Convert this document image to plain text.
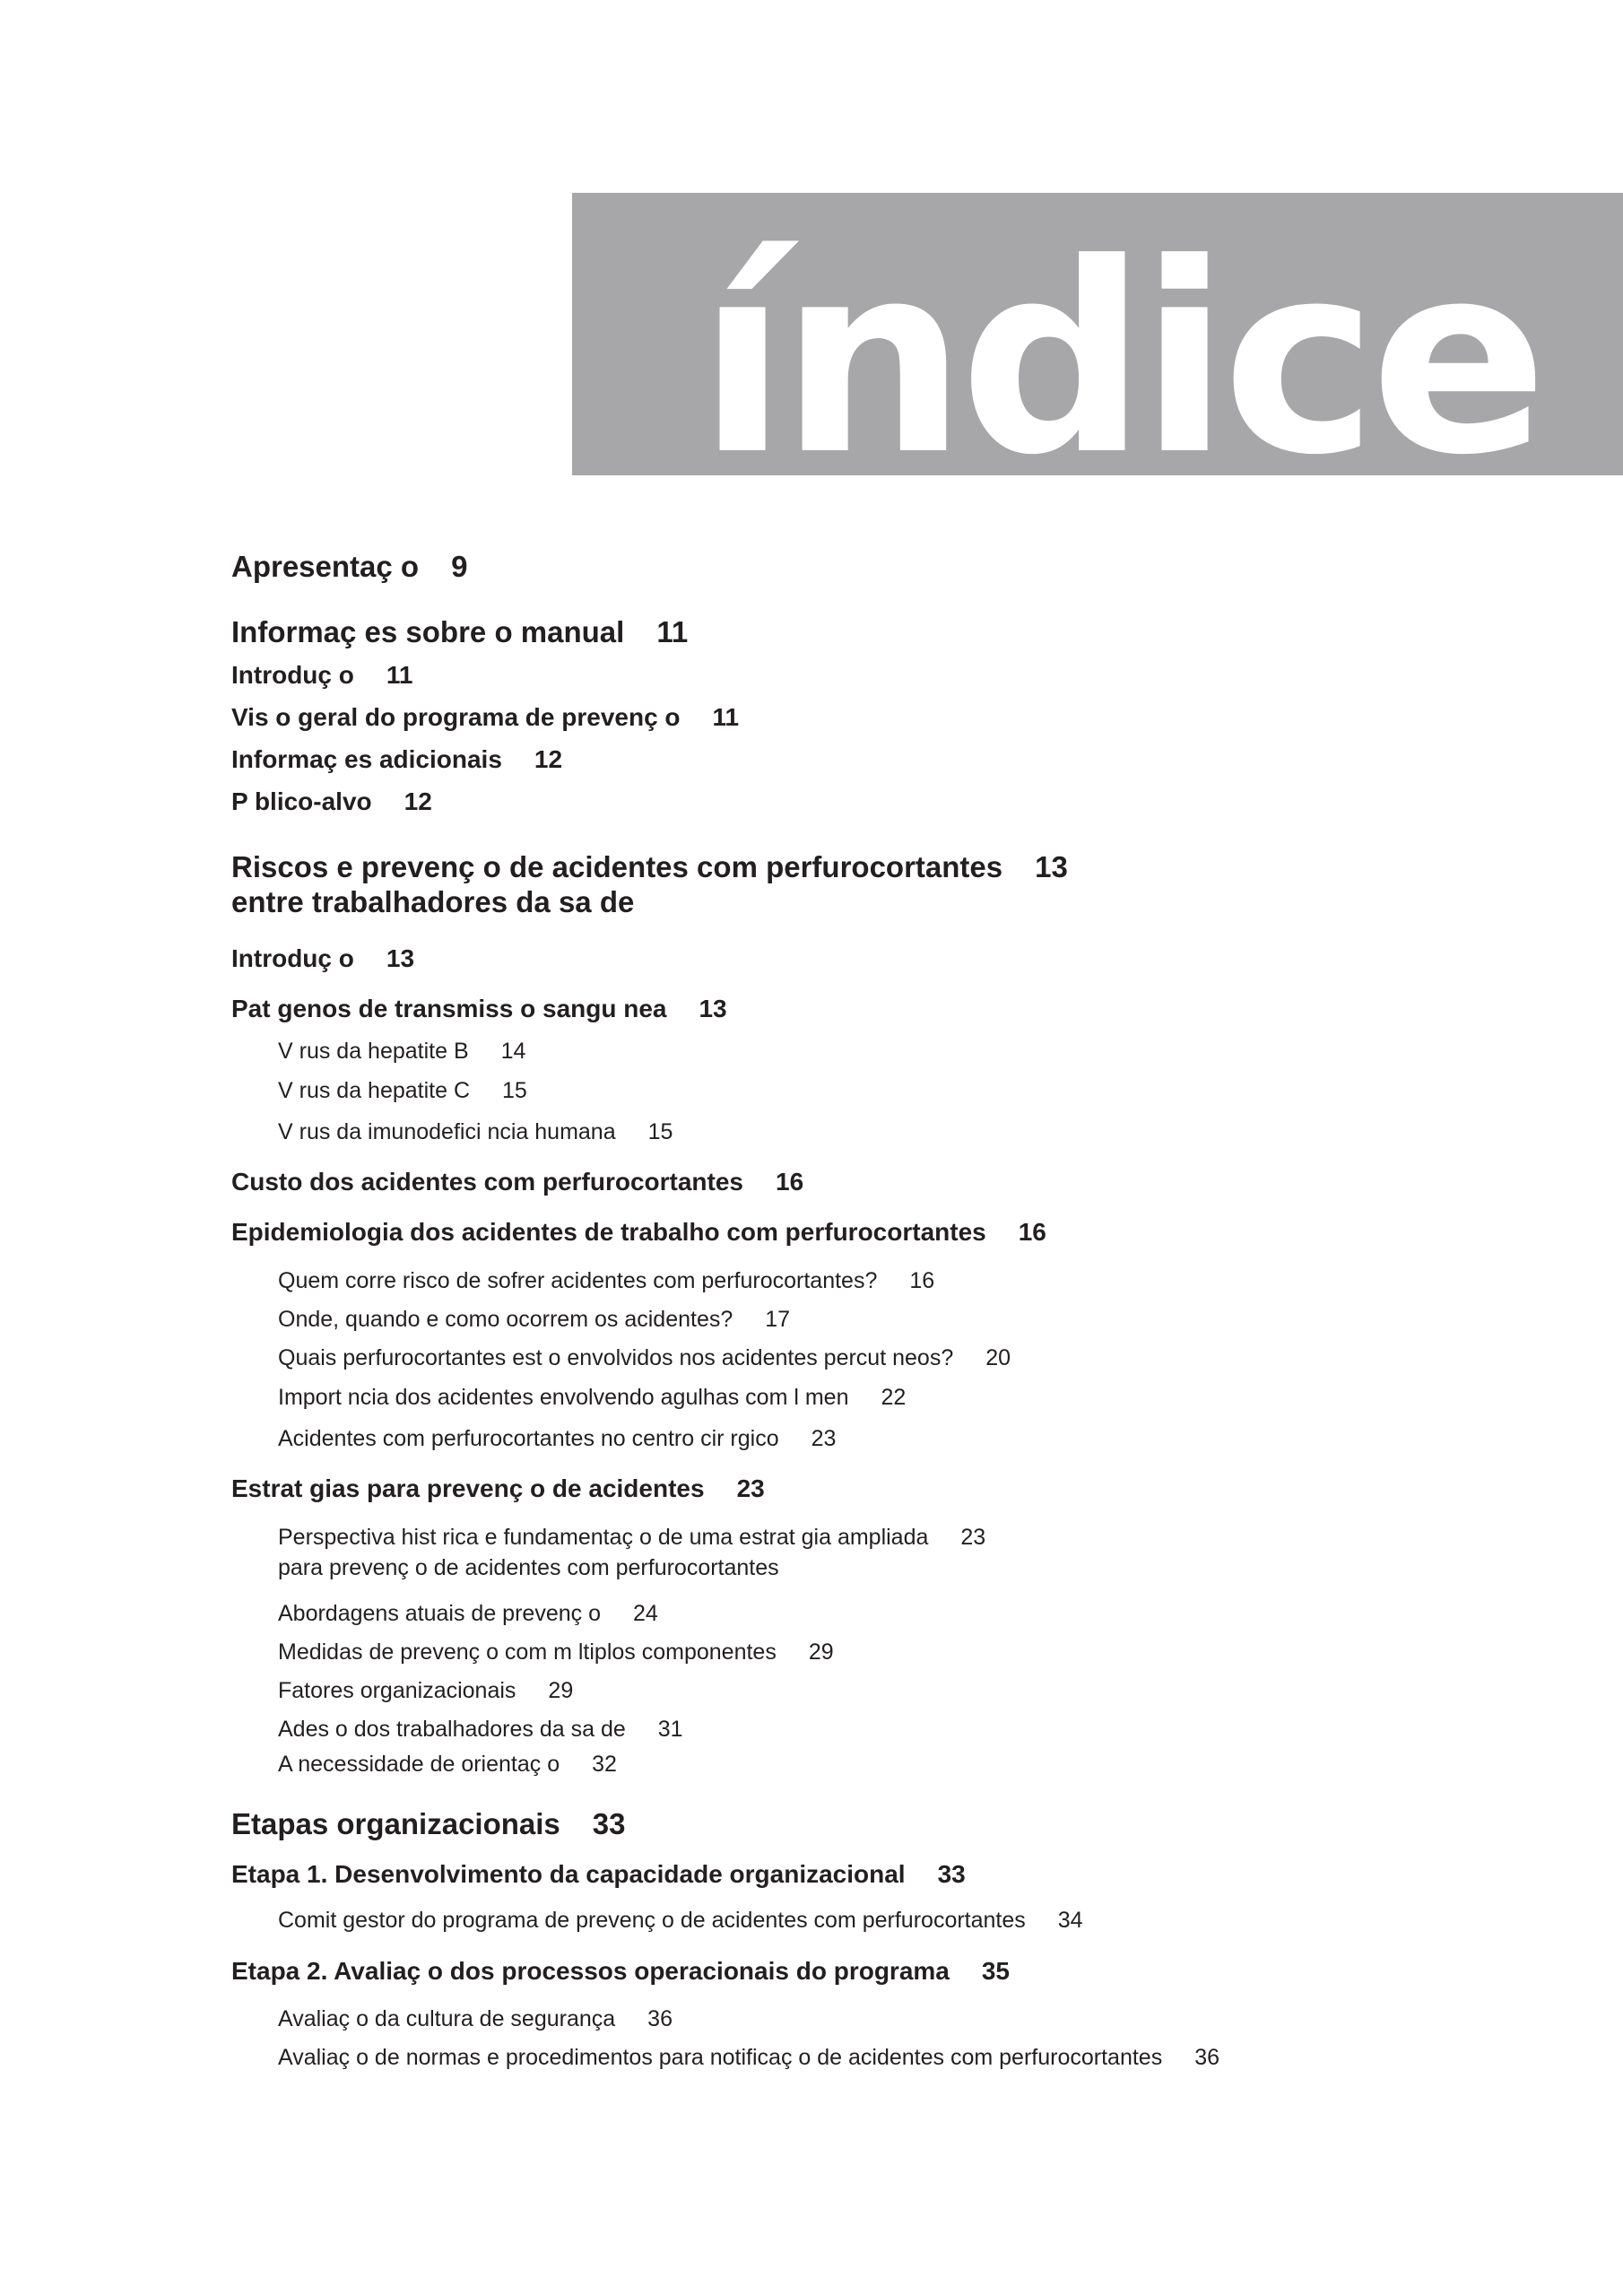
índice
Apresentaç o 9
Informaç es sobre o manual 11
Introduç o 11
Vis o geral do programa de prevenç o 11
Informaç es adicionais 12
P blico-alvo 12
Riscos e prevenç o de acidentes com perfurocortantes 13
entre trabalhadores da sa de
Introduç o 13
Pat genos de transmiss o sangu nea 13
V rus da hepatite B 14
V rus da hepatite C 15
V rus da imunodefici ncia humana 15
Custo dos acidentes com perfurocortantes 16
Epidemiologia dos acidentes de trabalho com perfurocortantes 16
Quem corre risco de sofrer acidentes com perfurocortantes? 16
Onde, quando e como ocorrem os acidentes? 17
Quais perfurocortantes est o envolvidos nos acidentes percut neos? 20
Import ncia dos acidentes envolvendo agulhas com l men 22
Acidentes com perfurocortantes no centro cir rgico 23
Estrat gias para prevenç o de acidentes 23
Perspectiva hist rica e fundamentaç o de uma estrat gia ampliada 23
para prevenç o de acidentes com perfurocortantes
Abordagens atuais de prevenç o 24
Medidas de prevenç o com m ltiplos componentes 29
Fatores organizacionais 29
Ades o dos trabalhadores da sa de 31
A necessidade de orientaç o 32
Etapas organizacionais 33
Etapa 1. Desenvolvimento da capacidade organizacional 33
Comit gestor do programa de prevenç o de acidentes com perfurocortantes 34
Etapa 2. Avaliaç o dos processos operacionais do programa 35
Avaliaç o da cultura de segurança 36
Avaliaç o de normas e procedimentos para notificaç o de acidentes com perfurocortantes 36
